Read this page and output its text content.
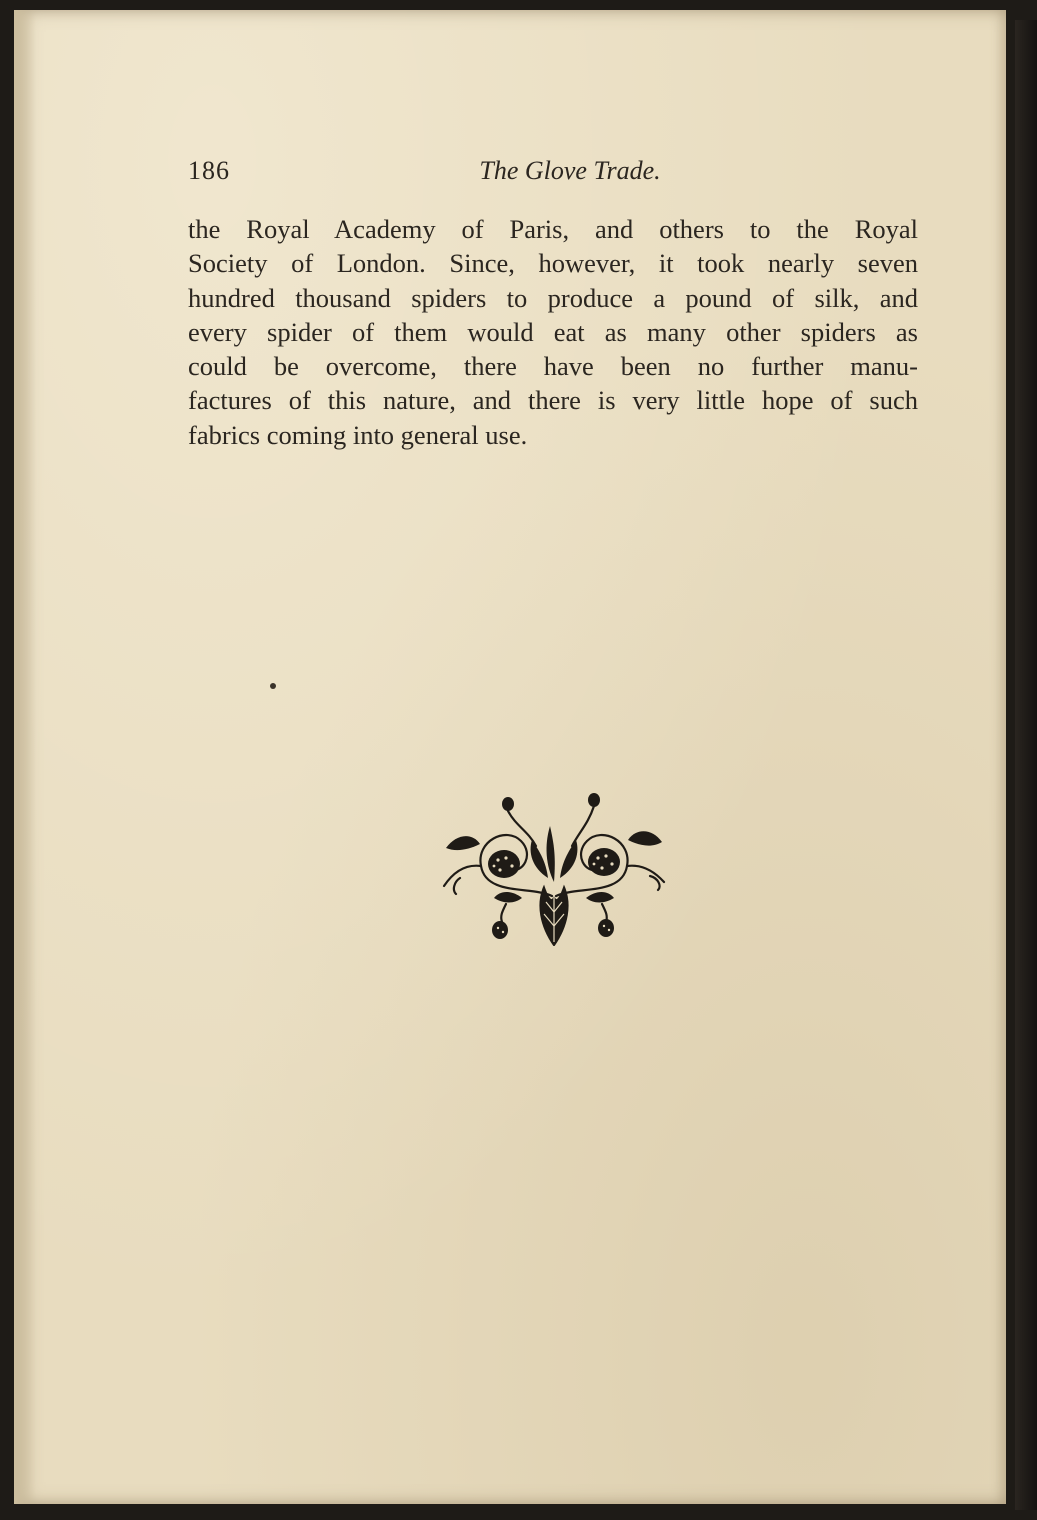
186	The Glove Trade.
the Royal Academy of Paris, and others to the Royal
Society of London. Since, however, it took nearly seven
hundred thousand spiders to produce a pound of silk, and
every spider of them would eat as many other spiders as
could be overcome, there have been no further manu-
factures of this nature, and there is very little hope of such
fabrics coming into general use.
